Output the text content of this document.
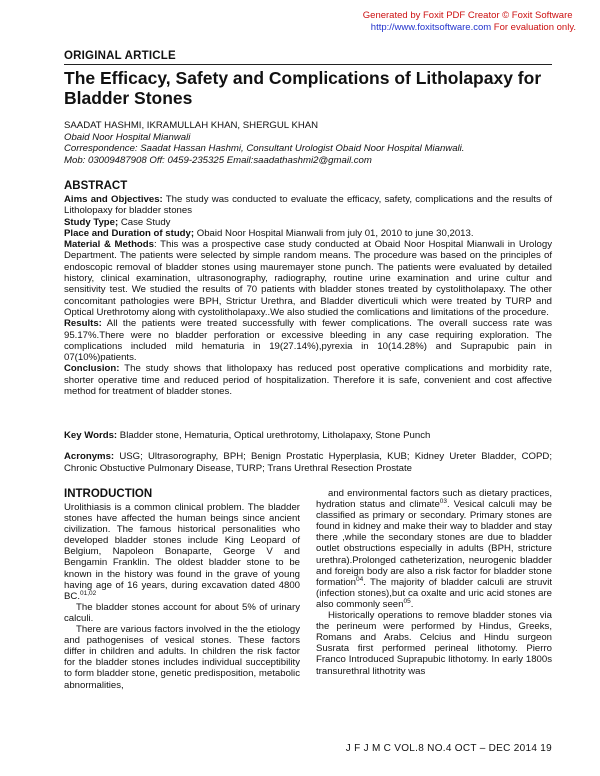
Generated by Foxit PDF Creator © Foxit Software
http://www.foxitsoftware.com For evaluation only.
ORIGINAL ARTICLE
The Efficacy, Safety and Complications of Litholapaxy for Bladder Stones
SAADAT HASHMI, IKRAMULLAH KHAN, SHERGUL KHAN
Obaid Noor Hospital Mianwali
Correspondence: Saadat Hassan Hashmi, Consultant Urologist Obaid Noor Hospital Mianwali.
Mob: 03009487908 Off: 0459-235325 Email:saadathashmi2@gmail.com
ABSTRACT

Aims and Objectives: The study was conducted to evaluate the efficacy, safety, complications and the results of Litholopaxy for bladder stones

Study Type; Case Study

Place and Duration of study; Obaid Noor Hospital Mianwali from july 01, 2010 to june 30,2013.

Material & Methods: This was a prospective case study conducted at Obaid Noor Hospital Mianwali in Urology Department. The patients were selected by simple random means. The procedure was based on the principles of endoscopic removal of bladder stones using mauremayer stone punch. The patients were evaluated by detailed history, clinical examination, ultrasonography, radiography, routine urine examination and urine cultur and sensitivity test. We studied the results of 70 patients with bladder stones treated by cystolitholapaxy. The other concomitant pathologies were BPH, Strictur Urethra, and Bladder diverticuli which were treated by TURP and Optical Urethrotomy along with cystolitholapaxy..We also studied the comlications and limitations of the procedure.

Results: All the patients were treated successfully with fewer complications. The overall success rate was 95.17%.There were no bladder perforation or excessive bleeding in any case requiring exploration. The complications included mild hematuria in 19(27.14%),pyrexia in 10(14.28%) and Suprapubic pain in 07(10%)patients.

Conclusion: The study shows that litholopaxy has reduced post operative complications and morbidity rate, shorter operative time and reduced period of hospitalization. Therefore it is safe, convenient and cost affective method for treatment of bladder stones.

Key Words: Bladder stone, Hematuria, Optical urethrotomy, Litholapaxy, Stone Punch
Acronyms: USG; Ultrasorography, BPH; Benign Prostatic Hyperplasia, KUB; Kidney Ureter Bladder, COPD; Chronic Obstuctive Pulmonary Disease, TURP; Trans Urethral Resection Prostate
INTRODUCTION

Urolithiasis is a common clinical problem. The bladder stones have affected the human beings since ancient civilization. The famous historical personalities who developed bladder stones include King Leopard of Belgium, Napoleon Bonaparte, George V and Bengamin Franklin. The oldest bladder stone to be known in the history was found in the grave of young having age of 16 years, during excavation dated 4800 BC.$^{01,02}$

The bladder stones account for about 5% of urinary calculi.

There are various factors involved in the the etiology and pathogenises of vesical stones. These factors differ in children and adults. In children the risk factor for the bladder stones includes individual succeptibility to form bladder stone, genetic predisposition, metabolic abnormalities,

and environmental factors such as dietary practices, hydration status and climate$^{03}$. Vesical calculi may be classified as primary or secondary. Primary stones are found in kidney and make their way to bladder and stay there ,while the secondary stones are due to bladder outlet obstructions especially in adults (BPH, stricture urethra).Prolonged catheterization, neurogenic bladder and foreign body are also a risk factor for bladder stone formation$^{04}$. The majority of bladder calculi are struvit (infection stones),but ca oxalte and uric acid stones are also commonly seen$^{05}$.

Historically operations to remove bladder stones via the perineum were performed by Hindus, Greeks, Romans and Arabs. Celcius and Hindu surgeon Susrata first performed perineal lithotomy. Pierro Franco Introduced Suprapubic lithotomy. In early 1800s transurethral lithotrity was

J F J M C VOL.8 NO.4 OCT – DEC 2014 19
